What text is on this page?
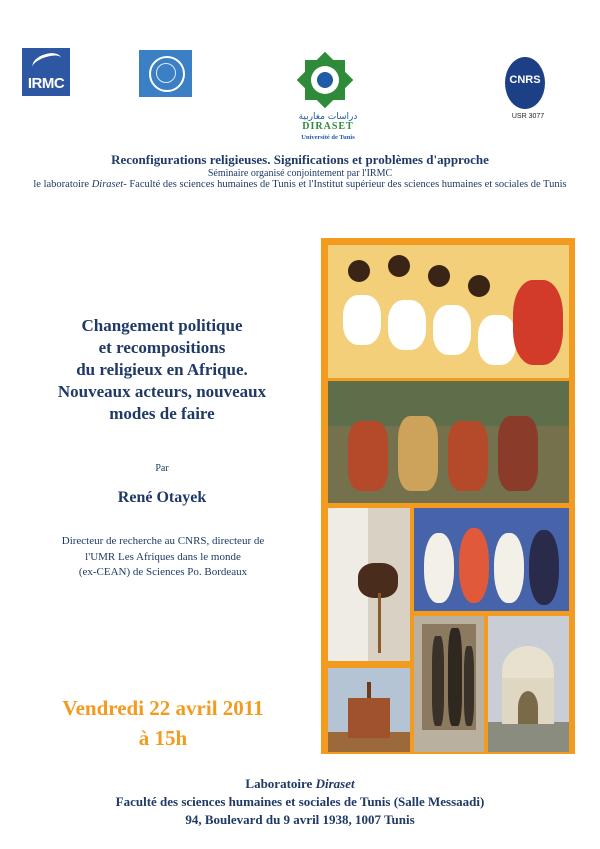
IRMC
دراسات مغاربية
DIRASET
Université de Tunis
CNRS
USR 3077
Reconfigurations religieuses. Significations et problèmes d'approche
Séminaire organisé conjointement par l'IRMC
le laboratoire Diraset- Faculté des sciences humaines de Tunis et l'Institut supérieur des sciences humaines et sociales de Tunis
Changement politique
et recompositions
du religieux en Afrique.
Nouveaux acteurs, nouveaux
modes de faire
Par
René Otayek
Directeur de recherche au CNRS, directeur de
l'UMR Les Afriques dans le monde
(ex-CEAN) de Sciences Po. Bordeaux
Vendredi 22 avril 2011
à 15h
Laboratoire Diraset
Faculté des sciences humaines et sociales de Tunis (Salle Messaadi)
94, Boulevard du 9 avril 1938, 1007 Tunis
